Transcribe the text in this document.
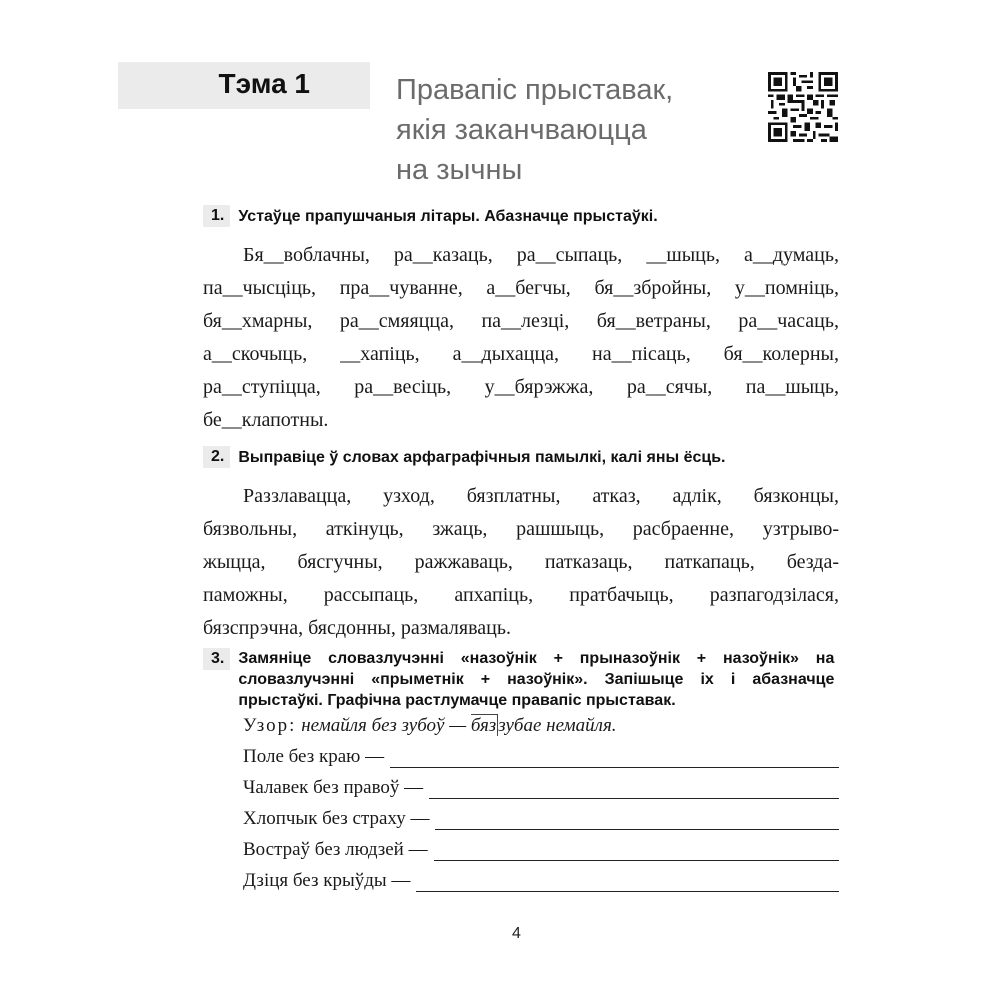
Тэма 1	Правапіс прыставак,
якія заканчваюцца
на зычны
1. Устаўце прапушчаныя літары. Абазначце прыстаўкі.
Бя__воблачны, ра__казаць, ра__сыпаць, __шыць, а__думаць,
па__чысціць, пра__чуванне, а__бегчы, бя__збройны, у__помніць,
бя__хмарны, ра__смяяцца, па__лезці, бя__ветраны, ра__часаць,
а__скочыць, __хапіць, а__дыхацца, на__пісаць, бя__колерны,
ра__ступіцца, ра__весіць, у__бярэжжа, ра__сячы, па__шыць,
бе__клапотны.
2. Выправіце ў словах арфаграфічныя памылкі, калі яны ёсць.
Раззлавацца, узход, бязплатны, атказ, адлік, бязконцы,
бязвольны, аткінуць, зжаць, рашшыць, расбраенне, узтрыво-
жыцца, бясгучны, ражжаваць, патказаць, паткапаць, безда-
паможны, рассыпаць, апхапіць, пратбачыць, разпагодзілася,
бязспрэчна, бясдонны, размаляваць.
3. Замяніце словазлучэнні «назоўнік + прыназоўнік + назоўнік» на словазлучэнні «прыметнік + назоўнік». Запішыце іх і абазначце прыстаўкі. Графічна растлумачце правапіс прыставак.
Узор: немайля без зубоў — бяз зубае немайля.
Поле без краю —
Чалавек без правоў —
Хлопчык без страху —
Востраў без людзей —
Дзіця без крыўды —
4
